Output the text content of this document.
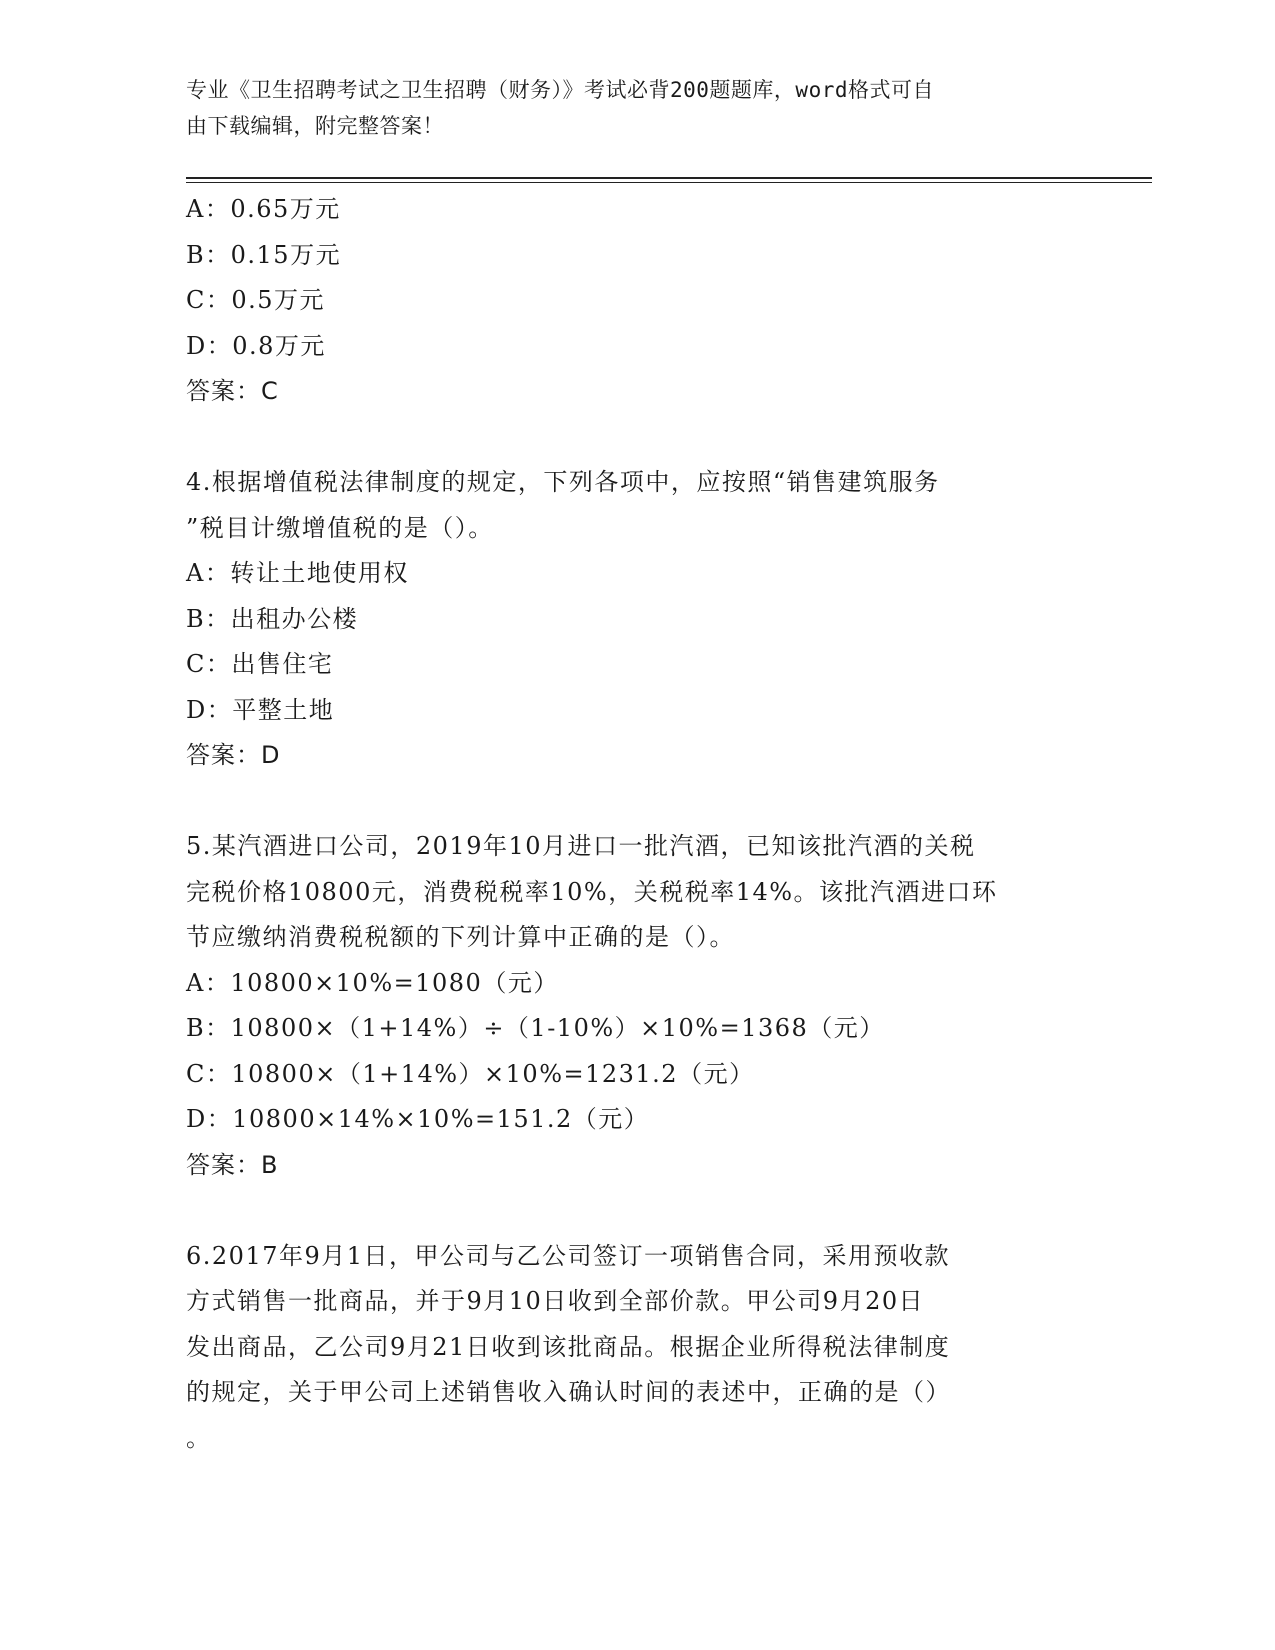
专业《卫生招聘考试之卫生招聘（财务）》考试必背200题题库，word格式可自
由下载编辑，附完整答案！
A：0.65万元
B：0.15万元
C：0.5万元
D：0.8万元
答案：C
4.根据增值税法律制度的规定，下列各项中，应按照“销售建筑服务
”税目计缴增值税的是（）。
A：转让土地使用权
B：出租办公楼
C：出售住宅
D：平整土地
答案：D
5.某汽酒进口公司，2019年10月进口一批汽酒，已知该批汽酒的关税
完税价格10800元，消费税税率10%，关税税率14%。该批汽酒进口环
节应缴纳消费税税额的下列计算中正确的是（）。
A：10800×10%=1080（元）
B：10800×（1+14%）÷（1-10%）×10%=1368（元）
C：10800×（1+14%）×10%=1231.2（元）
D：10800×14%×10%=151.2（元）
答案：B
6.2017年9月1日，甲公司与乙公司签订一项销售合同，采用预收款
方式销售一批商品，并于9月10日收到全部价款。甲公司9月20日
发出商品，乙公司9月21日收到该批商品。根据企业所得税法律制度
的规定，关于甲公司上述销售收入确认时间的表述中，正确的是（）
。
